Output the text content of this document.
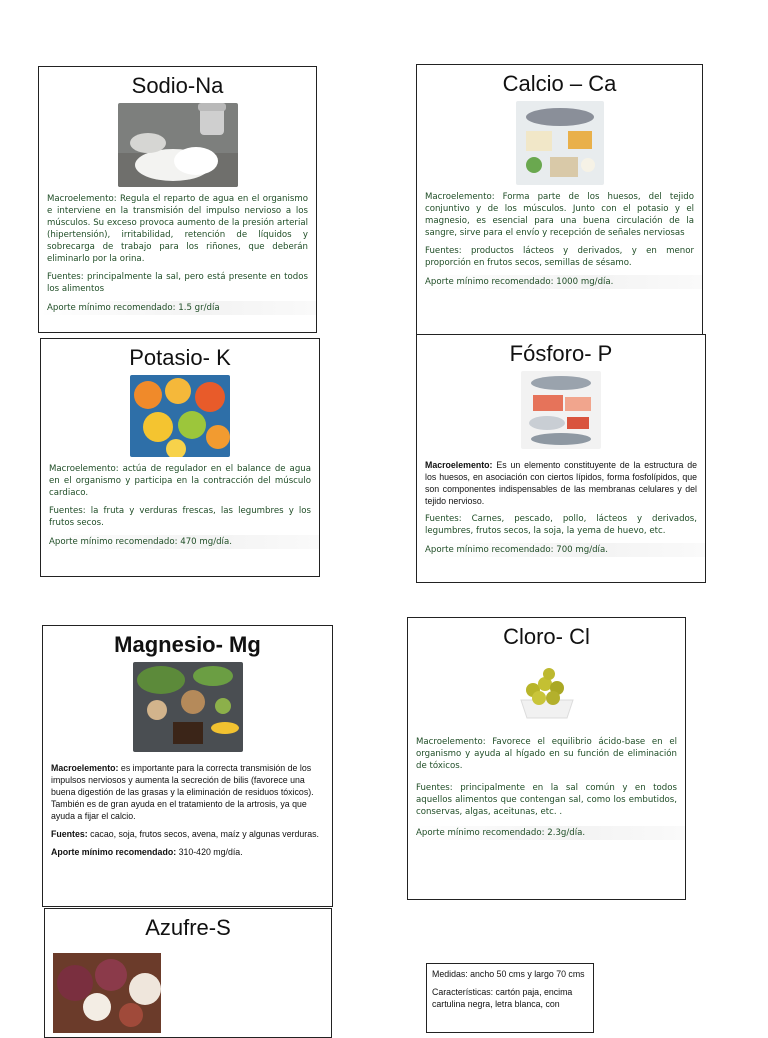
Sodio-Na

Macroelemento: Regula el reparto de agua en el organismo e interviene en la transmisión del impulso nervioso a los músculos. Su exceso provoca aumento de la presión arterial (hipertensión), irritabilidad, retención de líquidos y sobrecarga de trabajo para los riñones, que deberán eliminarlo por la orina.

Fuentes: principalmente la sal, pero está presente en todos los alimentos

Aporte mínimo recomendado: 1.5 gr/día
Calcio – Ca

Macroelemento: Forma parte de los huesos, del tejido conjuntivo y de los músculos. Junto con el potasio y el magnesio, es esencial para una buena circulación de la sangre, sirve para el envío y recepción de señales nerviosas

Fuentes: productos lácteos y derivados, y en menor proporción en frutos secos, semillas de sésamo.

Aporte mínimo recomendado: 1000 mg/día.
Potasio- K

Macroelemento: actúa de regulador en el balance de agua en el organismo y participa en la contracción del músculo cardiaco.

Fuentes: la fruta y verduras frescas, las legumbres y los frutos secos.

Aporte mínimo recomendado: 470 mg/día.
Fósforo- P

Macroelemento: Es un elemento constituyente de la estructura de los huesos, en asociación con ciertos lípidos, forma fosfolípidos, que son componentes indispensables de las membranas celulares y del tejido nervioso.

Fuentes: Carnes, pescado, pollo, lácteos y derivados, legumbres, frutos secos, la soja, la yema de huevo, etc.

Aporte mínimo recomendado: 700 mg/día.
Magnesio- Mg

Macroelemento: es importante para la correcta transmisión de los impulsos nerviosos y aumenta la secreción de bilis (favorece una buena digestión de las grasas y la eliminación de residuos tóxicos). También es de gran ayuda en el tratamiento de la artrosis, ya que ayuda a fijar el calcio.

Fuentes: cacao, soja, frutos secos, avena, maíz y algunas verduras.

Aporte mínimo recomendado: 310-420 mg/día.

Cloro- Cl

Macroelemento: Favorece el equilibrio ácido-base en el organismo y ayuda al hígado en su función de eliminación de tóxicos.

Fuentes: principalmente en la sal común y en todos aquellos alimentos que contengan sal, como los embutidos, conservas, algas, aceitunas, etc. .

Aporte mínimo recomendado: 2.3g/día.
Azufre-S

Medidas: ancho 50 cms y largo 70 cms

Características: cartón paja, encima cartulina negra, letra blanca, con
